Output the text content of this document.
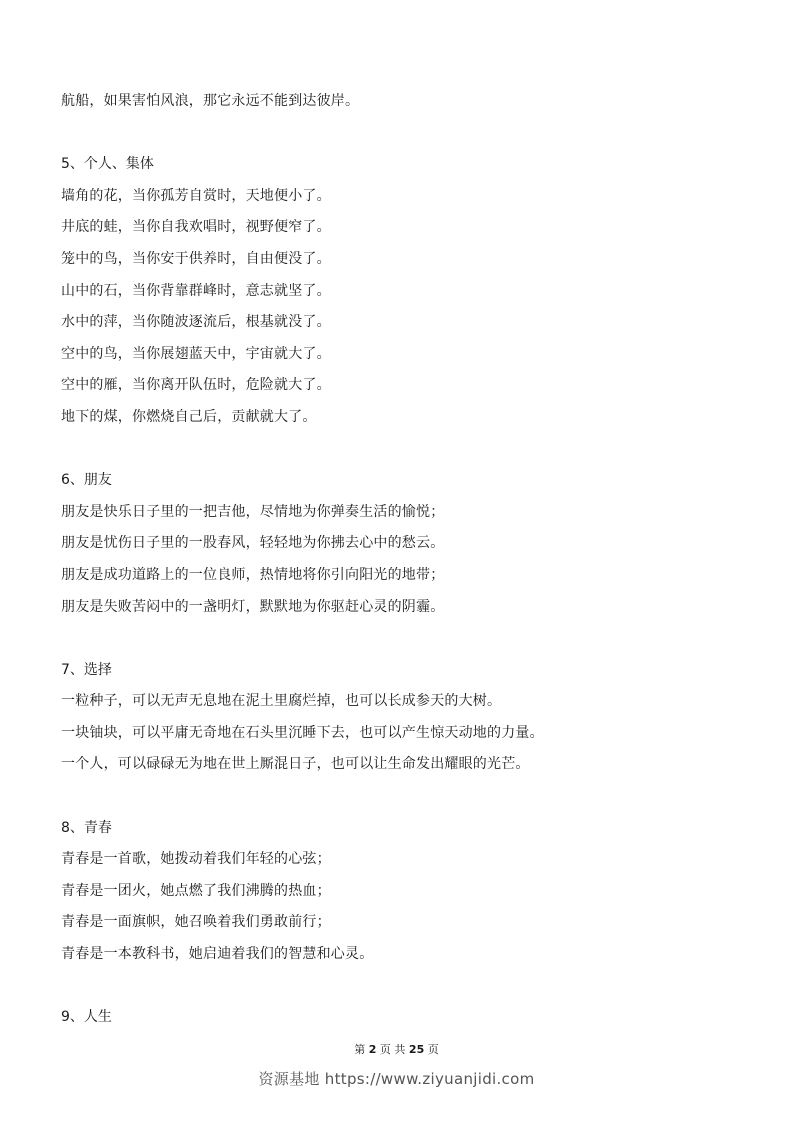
航船，如果害怕风浪，那它永远不能到达彼岸。
5、个人、集体
墙角的花，当你孤芳自赏时，天地便小了。
井底的蛙，当你自我欢唱时，视野便窄了。
笼中的鸟，当你安于供养时，自由便没了。
山中的石，当你背靠群峰时，意志就坚了。
水中的萍，当你随波逐流后，根基就没了。
空中的鸟，当你展翅蓝天中，宇宙就大了。
空中的雁，当你离开队伍时，危险就大了。
地下的煤，你燃烧自己后，贡献就大了。
6、朋友
朋友是快乐日子里的一把吉他，尽情地为你弹奏生活的愉悦；
朋友是忧伤日子里的一股春风，轻轻地为你拂去心中的愁云。
朋友是成功道路上的一位良师，热情地将你引向阳光的地带；
朋友是失败苦闷中的一盏明灯，默默地为你驱赶心灵的阴霾。
7、选择
一粒种子，可以无声无息地在泥土里腐烂掉，也可以长成参天的大树。
一块铀块，可以平庸无奇地在石头里沉睡下去，也可以产生惊天动地的力量。
一个人，可以碌碌无为地在世上厮混日子，也可以让生命发出耀眼的光芒。
8、青春
青春是一首歌，她拨动着我们年轻的心弦；
青春是一团火，她点燃了我们沸腾的热血；
青春是一面旗帜，她召唤着我们勇敢前行；
青春是一本教科书，她启迪着我们的智慧和心灵。
9、人生
第 2 页 共 25 页
资源基地 https://www.ziyuanjidi.com
